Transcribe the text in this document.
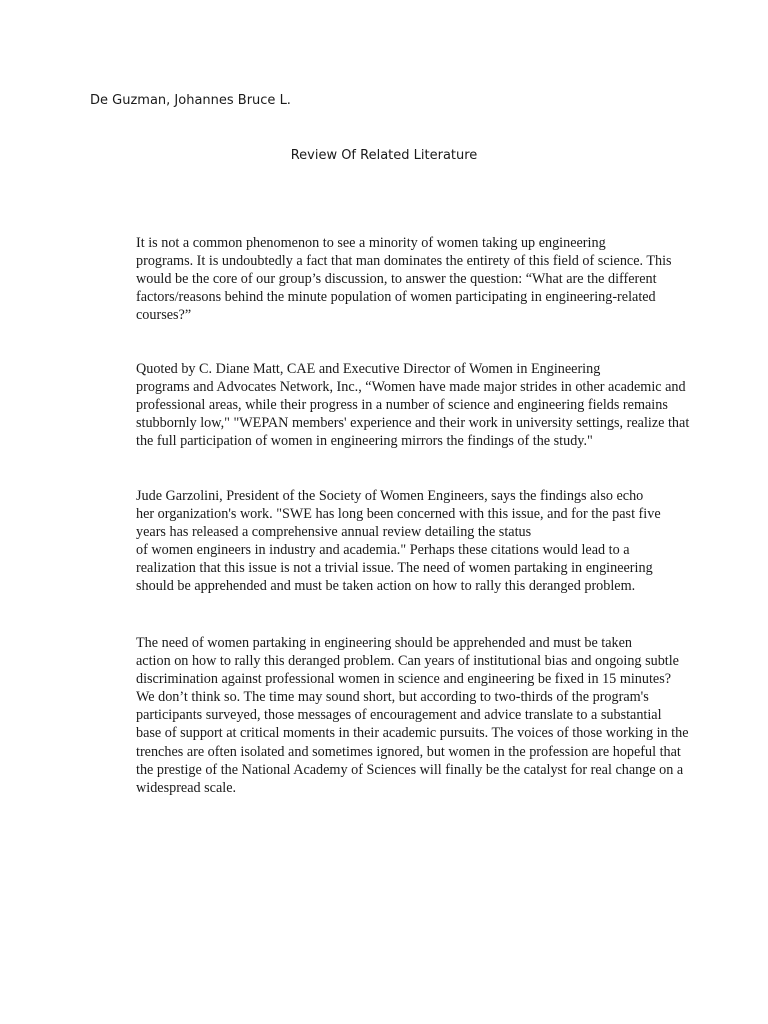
De Guzman, Johannes Bruce L.

Review Of Related Literature

It is not a common phenomenon to see a minority of women taking up engineering
programs. It is undoubtedly a fact that man dominates the entirety of this field of science. This
would be the core of our group’s discussion, to answer the question: “What are the different
factors/reasons behind the minute population of women participating in engineering-related
courses?”

Quoted by C. Diane Matt, CAE and Executive Director of Women in Engineering
programs and Advocates Network, Inc., “Women have made major strides in other academic and
professional areas, while their progress in a number of science and engineering fields remains
stubbornly low," "WEPAN members' experience and their work in university settings, realize that
the full participation of women in engineering mirrors the findings of the study."

Jude Garzolini, President of the Society of Women Engineers, says the findings also echo
her organization's work. "SWE has long been concerned with this issue, and for the past five
years has released a comprehensive annual review detailing the status
of women engineers in industry and academia." Perhaps these citations would lead to a
realization that this issue is not a trivial issue. The need of women partaking in engineering
should be apprehended and must be taken action on how to rally this deranged problem.

The need of women partaking in engineering should be apprehended and must be taken
action on how to rally this deranged problem. Can years of institutional bias and ongoing subtle
discrimination against professional women in science and engineering be fixed in 15 minutes?
We don’t think so. The time may sound short, but according to two-thirds of the program's
participants surveyed, those messages of encouragement and advice translate to a substantial
base of support at critical moments in their academic pursuits. The voices of those working in the
trenches are often isolated and sometimes ignored, but women in the profession are hopeful that
the prestige of the National Academy of Sciences will finally be the catalyst for real change on a
widespread scale.
